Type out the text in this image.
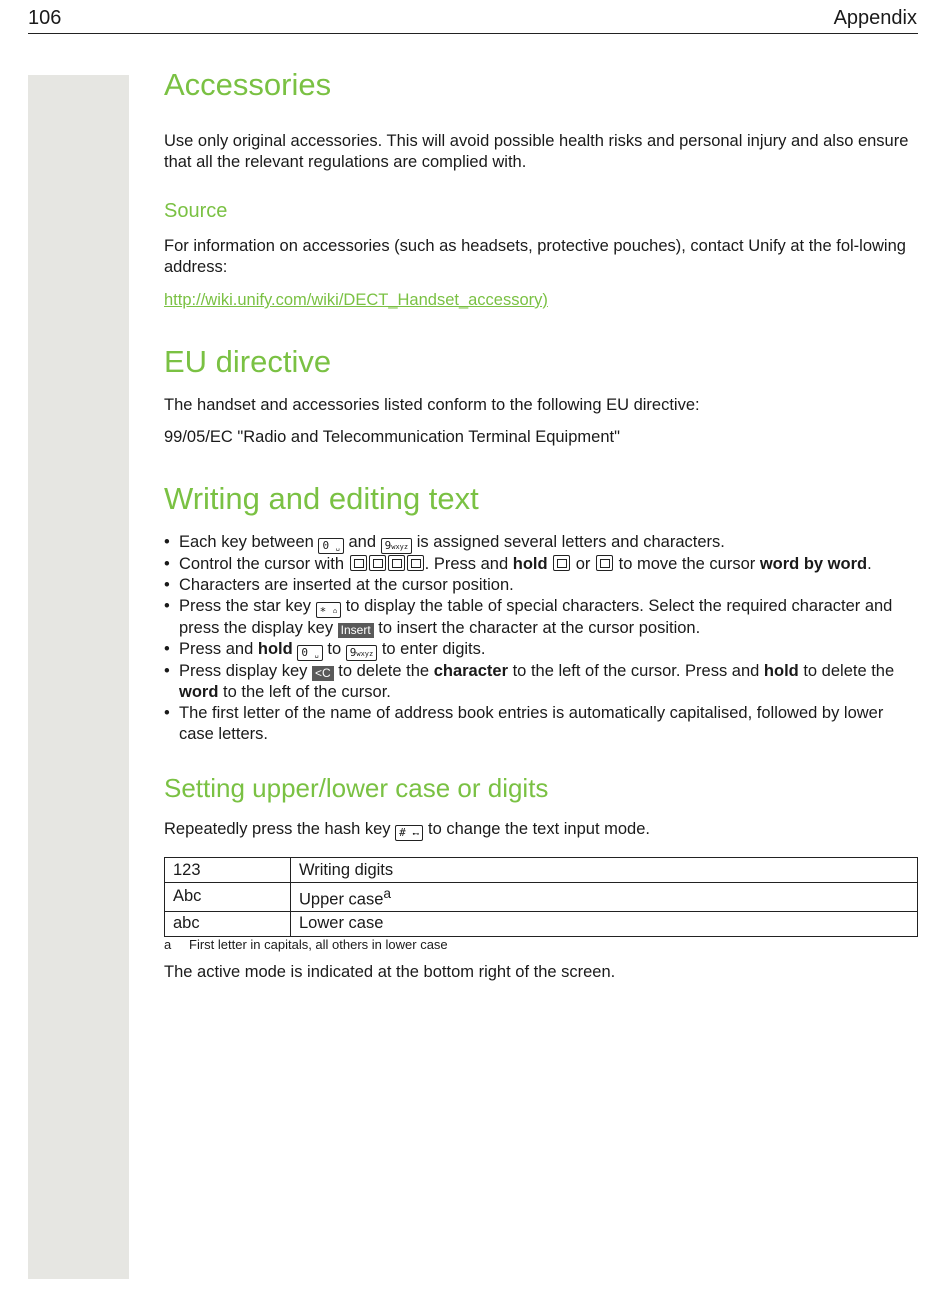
106	Appendix
Accessories

Use only original accessories. This will avoid possible health risks and personal injury and also ensure that all the relevant regulations are complied with.

Source

For information on accessories (such as headsets, protective pouches), contact Unify at the fol-lowing address:

http://wiki.unify.com/wiki/DECT_Handset_accessory)
EU directive

The handset and accessories listed conform to the following EU directive:

99/05/EC "Radio and Telecommunication Terminal Equipment"

Writing and editing text
• Each key between 0 ␣ and 9wxyz is assigned several letters and characters.
• Control the cursor with	. Press and hold or to move the cursor word by word.
• Characters are inserted at the cursor position.
• Press the star key ∗ ⌂ to display the table of special characters. Select the required character and press the display key Insert to insert the character at the cursor position.
• Press and hold 0 ␣ to 9wxyz to enter digits.
• Press display key <C to delete the character to the left of the cursor. Press and hold to delete the word to the left of the cursor.
• The first letter of the name of address book entries is automatically capitalised, followed by lower case letters.
Setting upper/lower case or digits

Repeatedly press the hash key # ⊷ to change the text input mode.

123	Writing digits
Abc	Upper case$^a$
abc	Lower case

a First letter in capitals, all others in lower case

The active mode is indicated at the bottom right of the screen.
